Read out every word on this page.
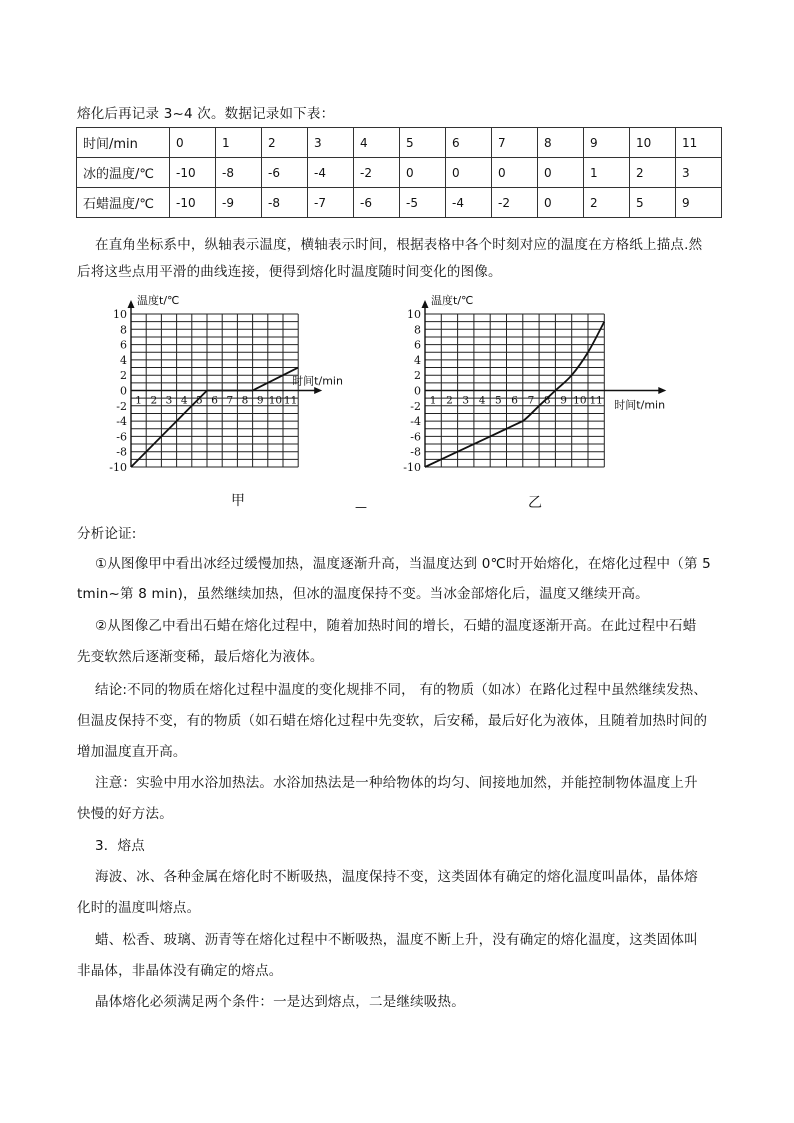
熔化后再记录 3~4 次。数据记录如下表：
时间/min	0	1	2	3	4	5	6	7	8	9	10	11
冰的温度/℃	-10	-8	-6	-4	-2	0	0	0	0	1	2	3
石蜡温度/℃	-10	-9	-8	-7	-6	-5	-4	-2	0	2	5	9
在直角坐标系中，纵轴表示温度，横轴表示时间，根据表格中各个时刻对应的温度在方格纸上描点.然
后将这些点用平滑的曲线连接，便得到熔化时温度随时间变化的图像。
10
8
6
4
2
0
-2
-4
-6
-8
-10
1 2 3 4 5 6 7 8 9 10 11
温度t/℃
时间t/min
10
8
6
4
2
0
-2
-4
-6
-8
-10
1 2 3 4 5 6 7 8 9 10 11
温度t/℃
时间t/min
甲	—	乙
分析论证:
①从图像甲中看出冰经过缓慢加热，温度逐渐升高，当温度达到 0℃时开始熔化，在熔化过程中（第 5
tmin~第 8 min)，虽然继续加热，但冰的温度保持不变。当冰金部熔化后，温度又继续开高。
②从图像乙中看出石蜡在熔化过程中，随着加热时间的增长，石蜡的温度逐渐开高。在此过程中石蜡
先变软然后逐渐变稀，最后熔化为液体。
结论:不同的物质在熔化过程中温度的变化规排不同， 有的物质（如冰）在路化过程中虽然继续发热、
但温皮保持不变，有的物质（如石蜡在熔化过程中先变软，后安稀，最后好化为液体，且随着加热时间的
增加温度直开高。
注意：实验中用水浴加热法。水浴加热法是一种给物体的均匀、间接地加然，并能控制物体温度上升
快慢的好方法。
3．熔点
海波、冰、各种金属在熔化时不断吸热，温度保持不变，这类固体有确定的熔化温度叫晶体，晶体熔
化时的温度叫熔点。
蜡、松香、玻璃、沥青等在熔化过程中不断吸热，温度不断上升，没有确定的熔化温度，这类固体叫
非晶体，非晶体没有确定的熔点。
晶体熔化必须满足两个条件：一是达到熔点，二是继续吸热。
